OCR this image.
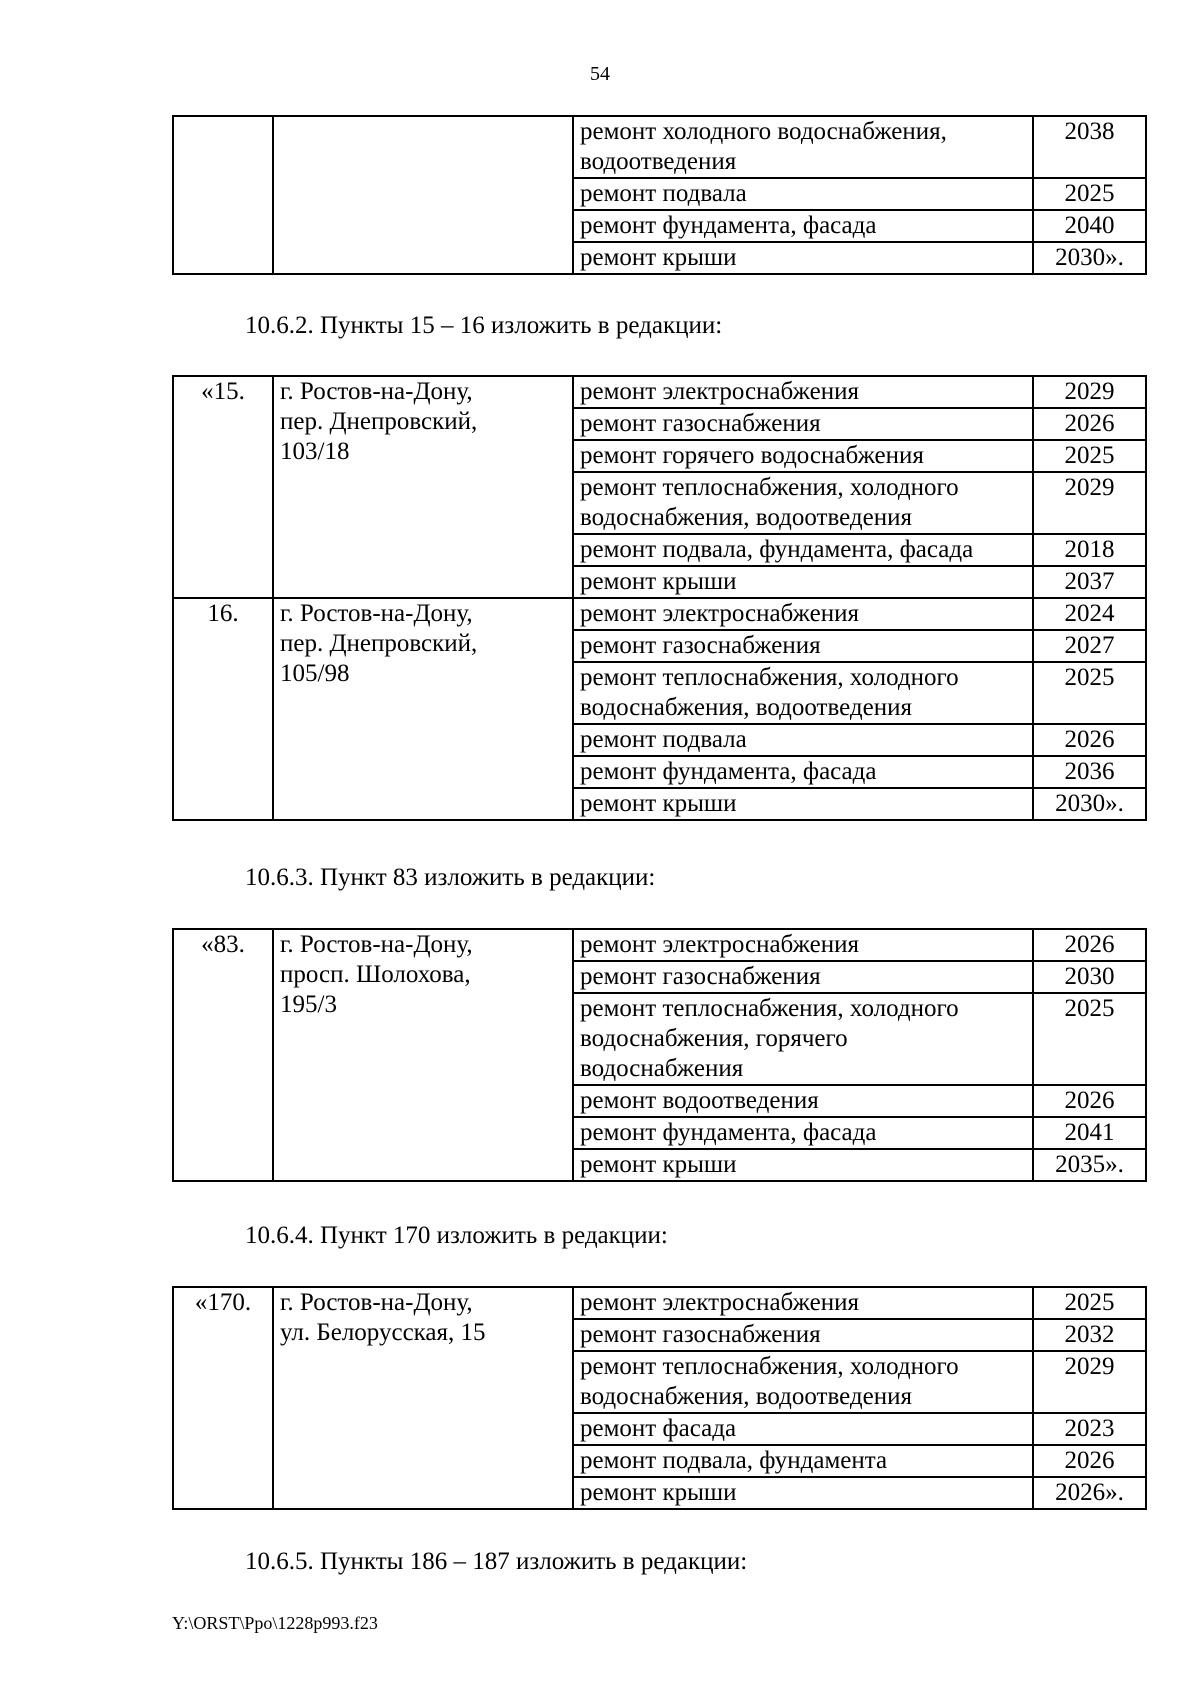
54
10.6.2. Пункты 15 – 16 изложить в редакции:
10.6.3. Пункт 83 изложить в редакции:
10.6.4. Пункт 170 изложить в редакции:
10.6.5. Пункты 186 – 187 изложить в редакции:
		ремонт холодного водоснабжения,
водоотведения	2038
		ремонт подвала	2025
		ремонт фундамента, фасада	2040
		ремонт крыши	2030».
«15.	г. Ростов-на-Дону,
пер. Днепровский,
103/18	ремонт электроснабжения	2029
		ремонт газоснабжения	2026
		ремонт горячего водоснабжения	2025
		ремонт теплоснабжения, холодного
водоснабжения, водоотведения	2029
		ремонт подвала, фундамента, фасада	2018
		ремонт крыши	2037
16.	г. Ростов-на-Дону,
пер. Днепровский,
105/98	ремонт электроснабжения	2024
		ремонт газоснабжения	2027
		ремонт теплоснабжения, холодного
водоснабжения, водоотведения	2025
		ремонт подвала	2026
		ремонт фундамента, фасада	2036
		ремонт крыши	2030».
«83.	г. Ростов-на-Дону,
просп. Шолохова,
195/3	ремонт электроснабжения	2026
		ремонт газоснабжения	2030
		ремонт теплоснабжения, холодного
водоснабжения, горячего
водоснабжения	2025
		ремонт водоотведения	2026
		ремонт фундамента, фасада	2041
		ремонт крыши	2035».
«170.	г. Ростов-на-Дону,
ул. Белорусская, 15	ремонт электроснабжения	2025
		ремонт газоснабжения	2032
		ремонт теплоснабжения, холодного
водоснабжения, водоотведения	2029
		ремонт фасада	2023
		ремонт подвала, фундамента	2026
		ремонт крыши	2026».
Y:\ORST\Ppo\1228p993.f23
